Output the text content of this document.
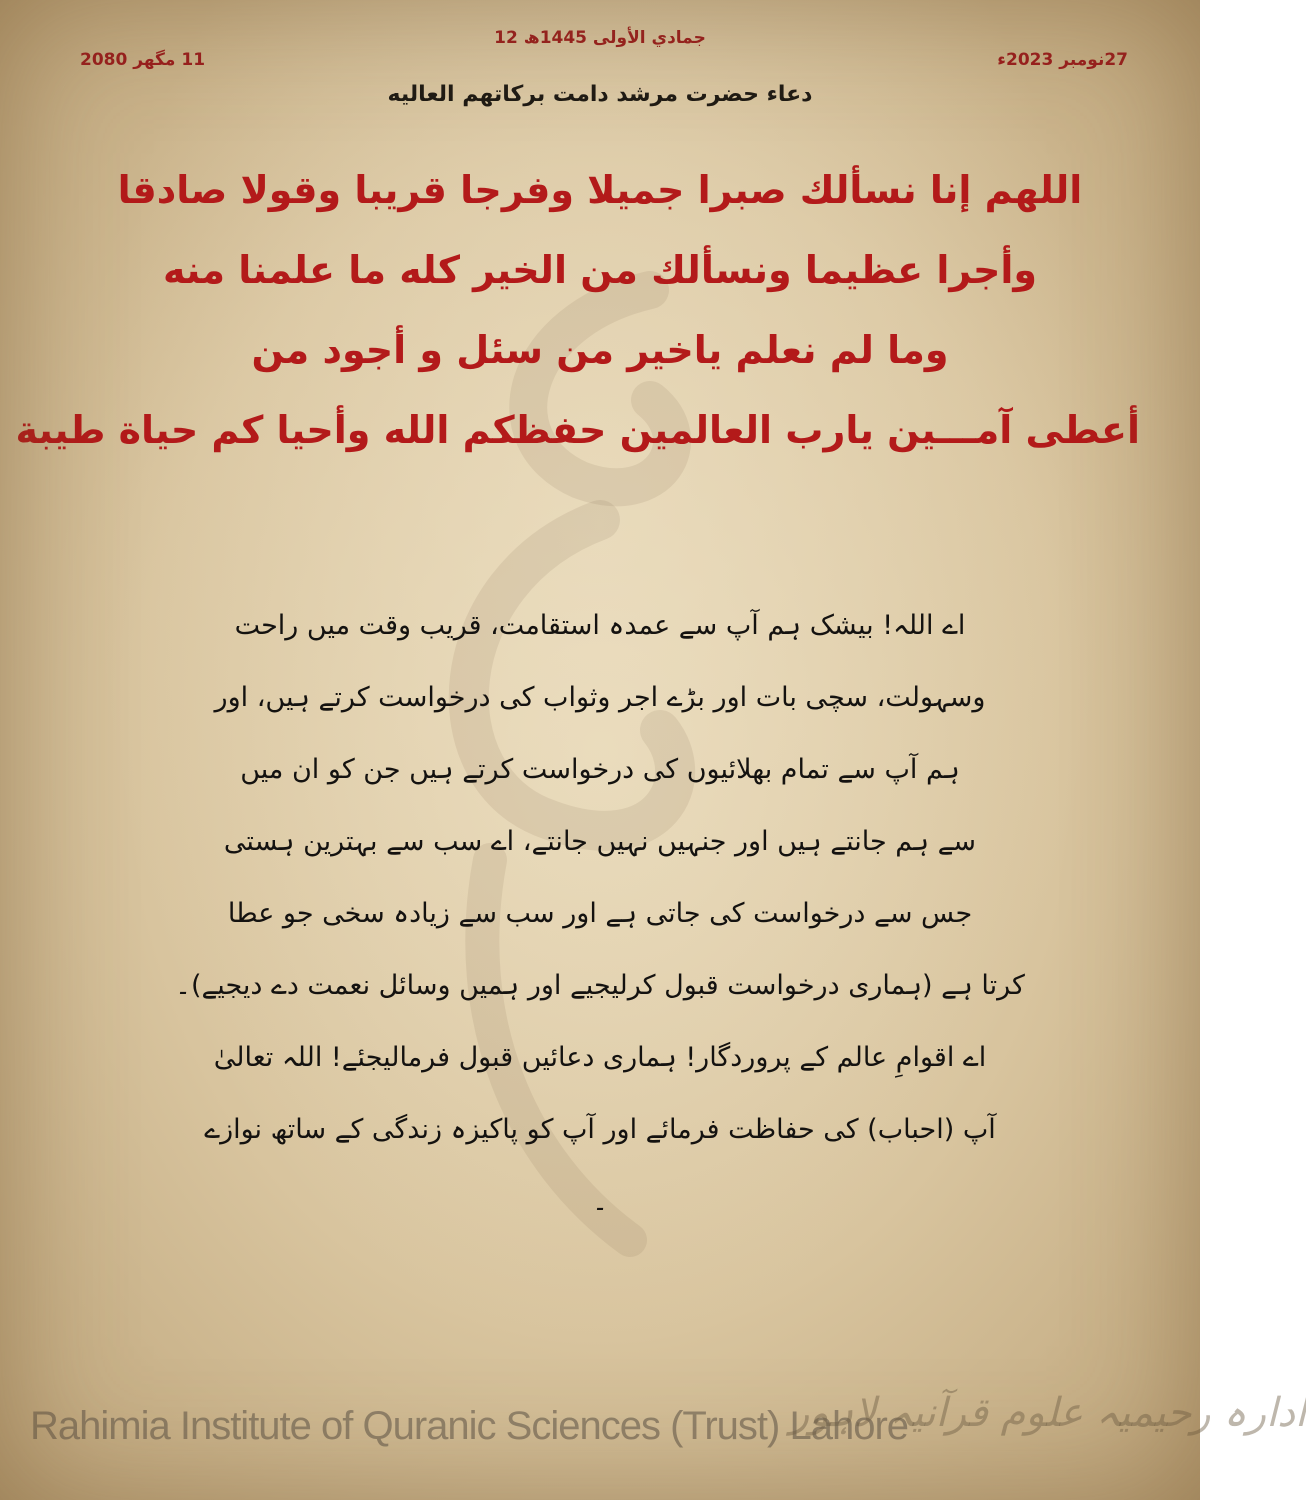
12 جمادي الأولى 1445ھ
27نومبر 2023ء
11 مگھر 2080
دعاء حضرت مرشد دامت بركاتهم العاليه
اللهم إنا نسألك صبرا جميلا وفرجا قريبا وقولا صادقا
وأجرا عظيما ونسألك من الخير كله ما علمنا منه
وما لم نعلم ياخير من سئل و أجود من
أعطى آمـــين يارب العالمين حفظكم الله وأحيا كم حياة طيبة
اے اللہ! بیشک ہم آپ سے عمدہ استقامت، قریب وقت میں راحت
وسہولت، سچی بات اور بڑے اجر وثواب کی درخواست کرتے ہیں، اور
ہم آپ سے تمام بھلائیوں کی درخواست کرتے ہیں جن کو ان میں
سے ہم جانتے ہیں اور جنہیں نہیں جانتے، اے سب سے بہترین ہستی
جس سے درخواست کی جاتی ہے اور سب سے زیادہ سخی جو عطا
کرتا ہے (ہماری درخواست قبول کرلیجیے اور ہمیں وسائل نعمت دے دیجیے)۔
اے اقوامِ عالم کے پروردگار! ہماری دعائیں قبول فرمالیجئے! اللہ تعالیٰ
آپ (احباب) کی حفاظت فرمائے اور آپ کو پاکیزہ زندگی کے ساتھ نوازے
۔
Rahimia Institute of Quranic Sciences (Trust) Lahore
ادارہ رحیمیہ علوم قرآنیہ لاہور
